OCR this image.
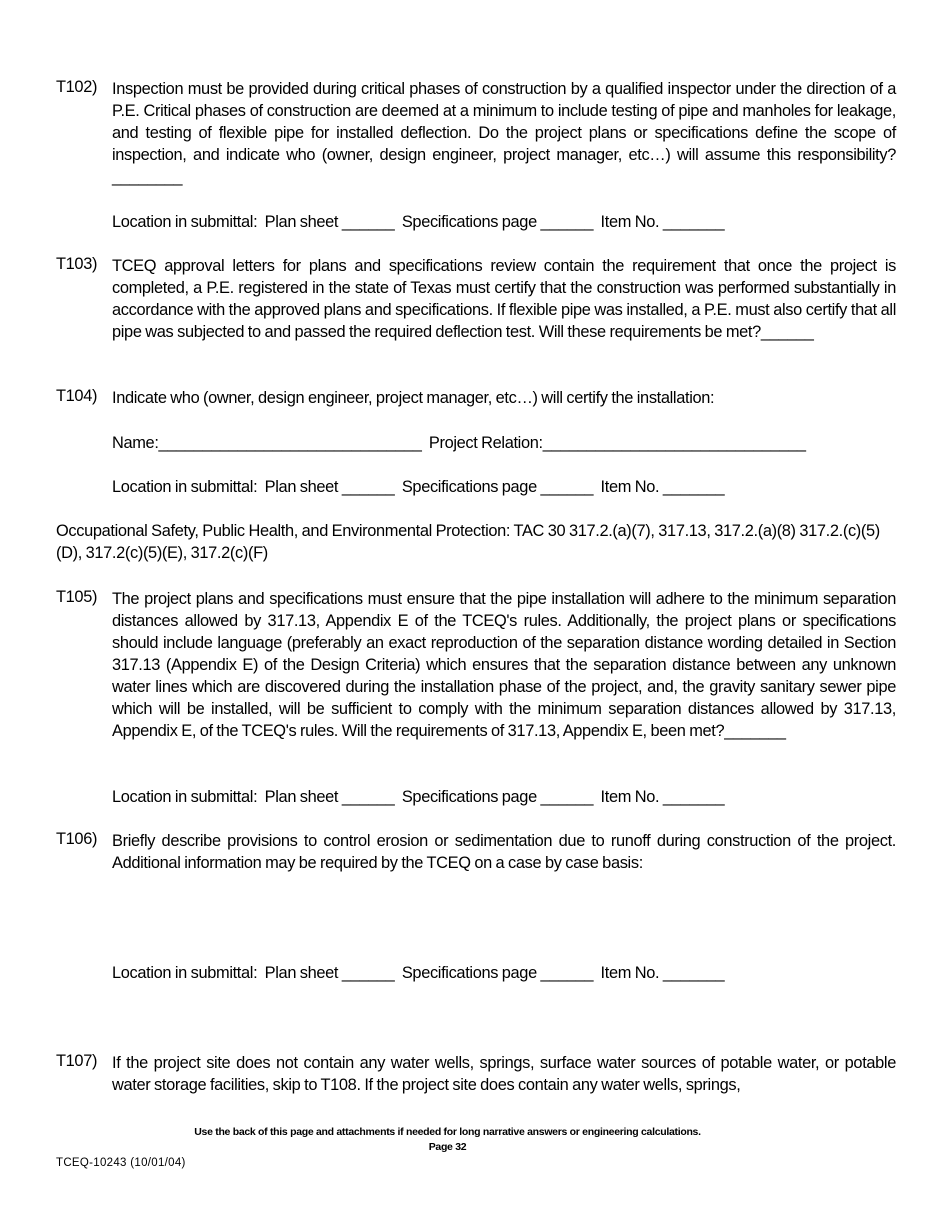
T102) Inspection must be provided during critical phases of construction by a qualified inspector under the direction of a P.E. Critical phases of construction are deemed at a minimum to include testing of pipe and manholes for leakage, and testing of flexible pipe for installed deflection. Do the project plans or specifications define the scope of inspection, and indicate who (owner, design engineer, project manager, etc…) will assume this responsibility?________
Location in submittal:  Plan sheet ______  Specifications page ______  Item No. _______
T103) TCEQ approval letters for plans and specifications review contain the requirement that once the project is completed, a P.E. registered in the state of Texas must certify that the construction was performed substantially in accordance with the approved plans and specifications. If flexible pipe was installed, a P.E. must also certify that all pipe was subjected to and passed the required deflection test. Will these requirements be met?______
T104) Indicate who (owner, design engineer, project manager, etc…) will certify the installation:
Name:______________________________  Project Relation:______________________________
Location in submittal:  Plan sheet ______  Specifications page ______  Item No. _______
Occupational Safety, Public Health, and Environmental Protection: TAC 30 317.2.(a)(7), 317.13, 317.2.(a)(8) 317.2.(c)(5)(D), 317.2(c)(5)(E), 317.2(c)(F)
T105) The project plans and specifications must ensure that the pipe installation will adhere to the minimum separation distances allowed by 317.13, Appendix E of the TCEQ's rules. Additionally, the project plans or specifications should include language (preferably an exact reproduction of the separation distance wording detailed in Section 317.13 (Appendix E) of the Design Criteria) which ensures that the separation distance between any unknown water lines which are discovered during the installation phase of the project, and, the gravity sanitary sewer pipe which will be installed, will be sufficient to comply with the minimum separation distances allowed by 317.13, Appendix E, of the TCEQ's rules. Will the requirements of 317.13, Appendix E, been met?_______
Location in submittal:  Plan sheet ______  Specifications page ______  Item No. _______
T106) Briefly describe provisions to control erosion or sedimentation due to runoff during construction of the project. Additional information may be required by the TCEQ on a case by case basis:
Location in submittal:  Plan sheet ______  Specifications page ______  Item No. _______
T107) If the project site does not contain any water wells, springs, surface water sources of potable water, or potable water storage facilities, skip to T108. If the project site does contain any water wells, springs,
Use the back of this page and attachments if needed for long narrative answers or engineering calculations.
Page 32
TCEQ-10243 (10/01/04)
